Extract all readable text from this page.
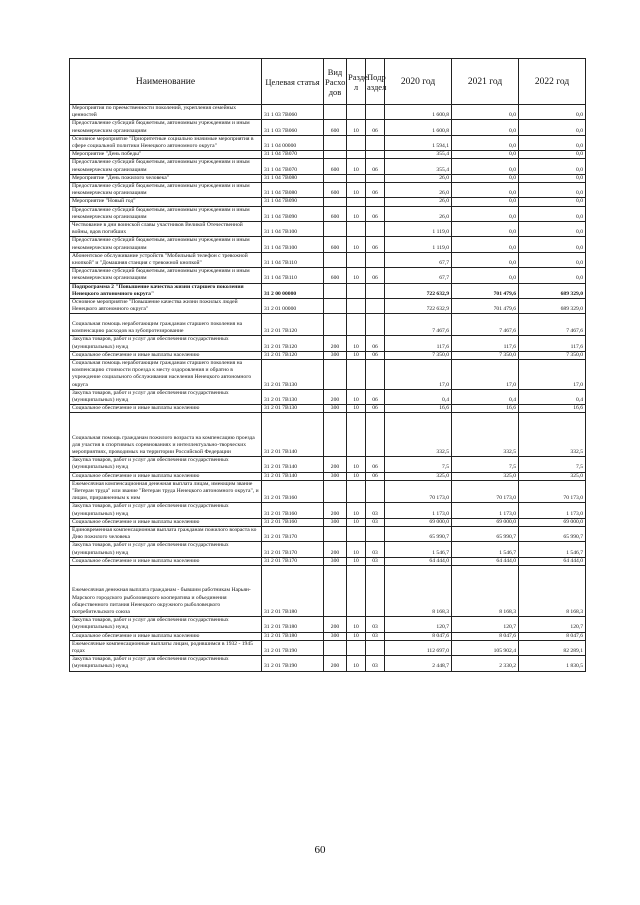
Наименование	Целевая статья	Вид Расхо дов	Разде л	Подр аздел	2020 год	2021 год	2022 год
Мероприятия по преемственности поколений, укрепления семейных ценностей	31 1 03 7В060				1 600,8	0,0	0,0
Предоставление субсидий бюджетным, автономным учреждениям и иным некоммерческим организациям	31 1 03 7В060	600	10	06	1 600,8	0,0	0,0
Основное мероприятие "Приоритетные социально значимые мероприятия в сфере социальной политики Ненецкого автономного округа"	31 1 04 00000				1 594,1	0,0	0,0
Мероприятие "День победы"	31 1 04 7В070				355,4	0,0	0,0
Предоставление субсидий бюджетным, автономным учреждениям и иным некоммерческим организациям	31 1 04 7В070	600	10	06	355,4	0,0	0,0
Мероприятие "День пожилого человека"	31 1 04 7В080				26,0	0,0	0,0
Предоставление субсидий бюджетным, автономным учреждениям и иным некоммерческим организациям	31 1 04 7В080	600	10	06	26,0	0,0	0,0
Мероприятие "Новый год"	31 1 04 7В090				26,0	0,0	0,0
Предоставление субсидий бюджетным, автономным учреждениям и иным некоммерческим организациям	31 1 04 7В090	600	10	06	26,0	0,0	0,0
Чествование в дни воинской славы участников Великой Отечественной войны, вдов погибших	31 1 04 7В100				1 119,0	0,0	0,0
Предоставление субсидий бюджетным, автономным учреждениям и иным некоммерческим организациям	31 1 04 7В100	600	10	06	1 119,0	0,0	0,0
Абонентское обслуживание устройств "Мобильный телефон с тревожной кнопкой" и "Домашняя станция с тревожной кнопкой"	31 1 04 7В110				67,7	0,0	0,0
Предоставление субсидий бюджетным, автономным учреждениям и иным некоммерческим организациям	31 1 04 7В110	600	10	06	67,7	0,0	0,0
Подпрограмма 2 "Повышение качества жизни старшего поколения Ненецкого автономного округа"	31 2 00 00000				722 632,9	701 479,6	689 329,0
Основное мероприятие "Повышение качества жизни пожилых людей Ненецкого автономного округа"	31 2 01 00000				722 632,9	701 479,6	689 329,0
Социальная помощь неработающим гражданам старшего поколения на компенсацию расходов на зубопротезирование	31 2 01 7В120				7 467,6	7 467,6	7 467,6
Закупка товаров, работ и услуг для обеспечения государственных (муниципальных) нужд	31 2 01 7В120	200	10	06	117,6	117,6	117,6
Социальное обеспечение и иные выплаты населению	31 2 01 7В120	300	10	06	7 350,0	7 350,0	7 350,0
Социальная помощь неработающим гражданам старшего поколения на компенсацию стоимости проезда к месту оздоровления и обратно в учреждение социального обслуживания населения Ненецкого автономного округа	31 2 01 7В130				17,0	17,0	17,0
Закупка товаров, работ и услуг для обеспечения государственных (муниципальных) нужд	31 2 01 7В130	200	10	06	0,4	0,4	0,4
Социальное обеспечение и иные выплаты населению	31 2 01 7В130	300	10	06	16,6	16,6	16,6
Социальная помощь гражданам пожилого возраста на компенсацию проезда для участия в спортивных соревнованиях и интеллектуально-творческих мероприятиях, проводимых на территории Российской Федерации	31 2 01 7В140				332,5	332,5	332,5
Закупка товаров, работ и услуг для обеспечения государственных (муниципальных) нужд	31 2 01 7В140	200	10	06	7,5	7,5	7,5
Социальное обеспечение и иные выплаты населению	31 2 01 7В140	300	10	06	325,0	325,0	325,0
Ежемесячная компенсационная денежная выплата лицам, имеющим звание "Ветеран труда" или звание "Ветеран труда Ненецкого автономного округа", и лицам, приравненным к ним	31 2 01 7В160				70 173,0	70 173,0	70 173,0
Закупка товаров, работ и услуг для обеспечения государственных (муниципальных) нужд	31 2 01 7В160	200	10	03	1 173,0	1 173,0	1 173,0
Социальное обеспечение и иные выплаты населению	31 2 01 7В160	300	10	03	69 000,0	69 000,0	69 000,0
Единовременная компенсационная выплата гражданам пожилого возраста ко Дню пожилого человека	31 2 01 7В170				65 990,7	65 990,7	65 990,7
Закупка товаров, работ и услуг для обеспечения государственных (муниципальных) нужд	31 2 01 7В170	200	10	03	1 546,7	1 546,7	1 546,7
Социальное обеспечение и иные выплаты населению	31 2 01 7В170	300	10	03	64 444,0	64 444,0	64 444,0
Ежемесячная денежная выплата гражданам - бывшим работникам Нарьян-Марского городского рыболовецкого кооператива и объединения общественного питания Ненецкого окружного рыболовецкого потребительского союза	31 2 01 7В180				8 168,3	8 168,3	8 168,3
Закупка товаров, работ и услуг для обеспечения государственных (муниципальных) нужд	31 2 01 7В180	200	10	03	120,7	120,7	120,7
Социальное обеспечение и иные выплаты населению	31 2 01 7В180	300	10	03	8 047,6	8 047,6	8 047,6
Ежемесячные компенсационные выплаты лицам, родившимся в 1932 - 1945 годах	31 2 01 7В190				112 697,0	105 902,4	82 289,1
Закупка товаров, работ и услуг для обеспечения государственных (муниципальных) нужд	31 2 01 7В190	200	10	03	2 448,7	2 330,2	1 830,5
60
